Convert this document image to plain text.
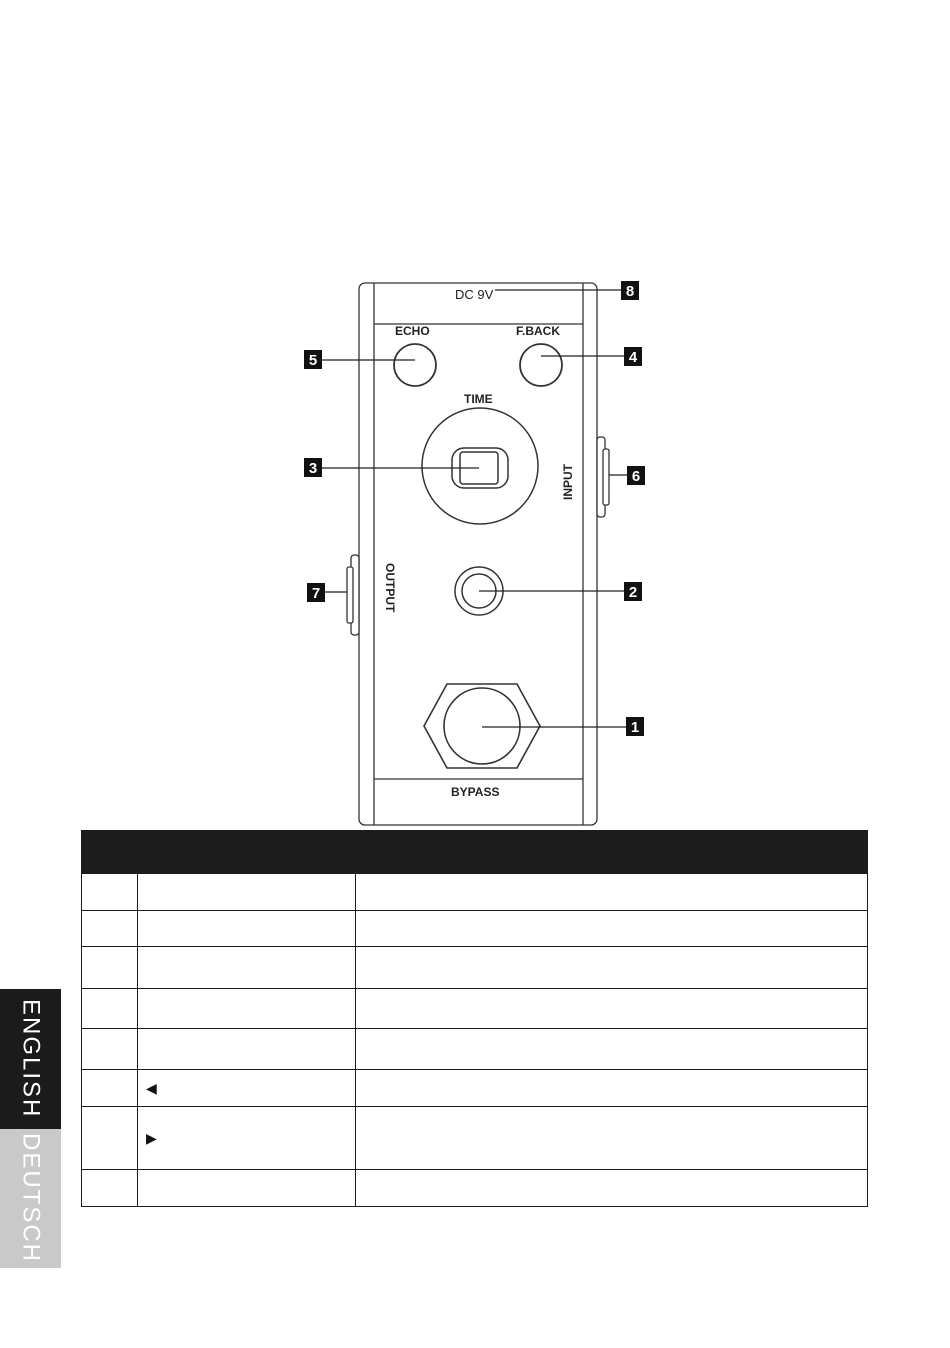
DC 9V
ECHO	F.BACK
TIME
INPUT
OUTPUT
BYPASS
8
5	4
3	6
7	2
1

	◀	
	▶	

ENGLISH
DEUTSCH
